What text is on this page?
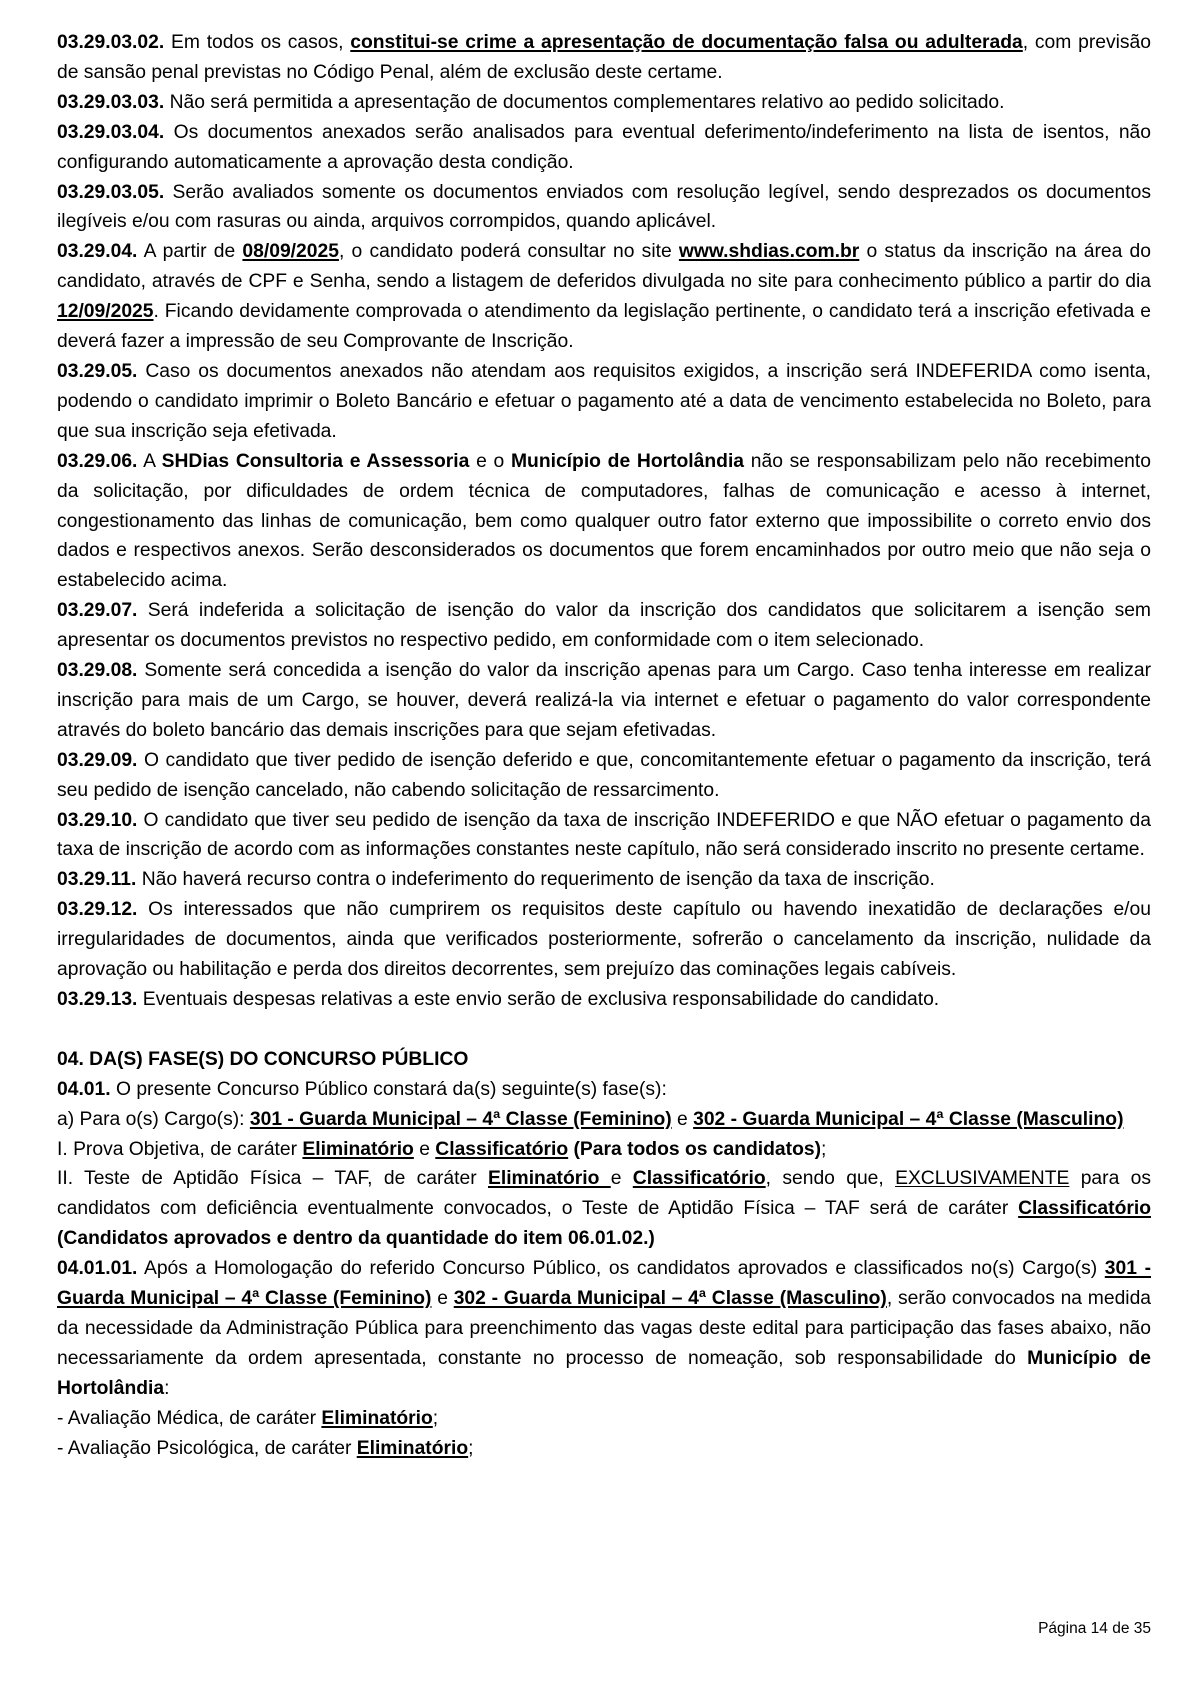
03.29.03.02. Em todos os casos, constitui-se crime a apresentação de documentação falsa ou adulterada, com previsão de sansão penal previstas no Código Penal, além de exclusão deste certame.

03.29.03.03. Não será permitida a apresentação de documentos complementares relativo ao pedido solicitado.

03.29.03.04. Os documentos anexados serão analisados para eventual deferimento/indeferimento na lista de isentos, não configurando automaticamente a aprovação desta condição.

03.29.03.05. Serão avaliados somente os documentos enviados com resolução legível, sendo desprezados os documentos ilegíveis e/ou com rasuras ou ainda, arquivos corrompidos, quando aplicável.

03.29.04. A partir de 08/09/2025, o candidato poderá consultar no site www.shdias.com.br o status da inscrição na área do candidato, através de CPF e Senha, sendo a listagem de deferidos divulgada no site para conhecimento público a partir do dia 12/09/2025. Ficando devidamente comprovada o atendimento da legislação pertinente, o candidato terá a inscrição efetivada e deverá fazer a impressão de seu Comprovante de Inscrição.

03.29.05. Caso os documentos anexados não atendam aos requisitos exigidos, a inscrição será INDEFERIDA como isenta, podendo o candidato imprimir o Boleto Bancário e efetuar o pagamento até a data de vencimento estabelecida no Boleto, para que sua inscrição seja efetivada.

03.29.06. A SHDias Consultoria e Assessoria e o Município de Hortolândia não se responsabilizam pelo não recebimento da solicitação, por dificuldades de ordem técnica de computadores, falhas de comunicação e acesso à internet, congestionamento das linhas de comunicação, bem como qualquer outro fator externo que impossibilite o correto envio dos dados e respectivos anexos. Serão desconsiderados os documentos que forem encaminhados por outro meio que não seja o estabelecido acima.

03.29.07. Será indeferida a solicitação de isenção do valor da inscrição dos candidatos que solicitarem a isenção sem apresentar os documentos previstos no respectivo pedido, em conformidade com o item selecionado.

03.29.08. Somente será concedida a isenção do valor da inscrição apenas para um Cargo. Caso tenha interesse em realizar inscrição para mais de um Cargo, se houver, deverá realizá-la via internet e efetuar o pagamento do valor correspondente através do boleto bancário das demais inscrições para que sejam efetivadas.

03.29.09. O candidato que tiver pedido de isenção deferido e que, concomitantemente efetuar o pagamento da inscrição, terá seu pedido de isenção cancelado, não cabendo solicitação de ressarcimento.

03.29.10. O candidato que tiver seu pedido de isenção da taxa de inscrição INDEFERIDO e que NÃO efetuar o pagamento da taxa de inscrição de acordo com as informações constantes neste capítulo, não será considerado inscrito no presente certame.

03.29.11. Não haverá recurso contra o indeferimento do requerimento de isenção da taxa de inscrição.

03.29.12. Os interessados que não cumprirem os requisitos deste capítulo ou havendo inexatidão de declarações e/ou irregularidades de documentos, ainda que verificados posteriormente, sofrerão o cancelamento da inscrição, nulidade da aprovação ou habilitação e perda dos direitos decorrentes, sem prejuízo das cominações legais cabíveis.

03.29.13. Eventuais despesas relativas a este envio serão de exclusiva responsabilidade do candidato.

04. DA(S) FASE(S) DO CONCURSO PÚBLICO

04.01. O presente Concurso Público constará da(s) seguinte(s) fase(s):

a) Para o(s) Cargo(s): 301 - Guarda Municipal – 4ª Classe (Feminino) e 302 - Guarda Municipal – 4ª Classe (Masculino)

I. Prova Objetiva, de caráter Eliminatório e Classificatório (Para todos os candidatos);

II. Teste de Aptidão Física – TAF, de caráter Eliminatório e Classificatório, sendo que, EXCLUSIVAMENTE para os candidatos com deficiência eventualmente convocados, o Teste de Aptidão Física – TAF será de caráter Classificatório (Candidatos aprovados e dentro da quantidade do item 06.01.02.)

04.01.01. Após a Homologação do referido Concurso Público, os candidatos aprovados e classificados no(s) Cargo(s) 301 - Guarda Municipal – 4ª Classe (Feminino) e 302 - Guarda Municipal – 4ª Classe (Masculino), serão convocados na medida da necessidade da Administração Pública para preenchimento das vagas deste edital para participação das fases abaixo, não necessariamente da ordem apresentada, constante no processo de nomeação, sob responsabilidade do Município de Hortolândia:

- Avaliação Médica, de caráter Eliminatório;

- Avaliação Psicológica, de caráter Eliminatório;

Página 14 de 35
